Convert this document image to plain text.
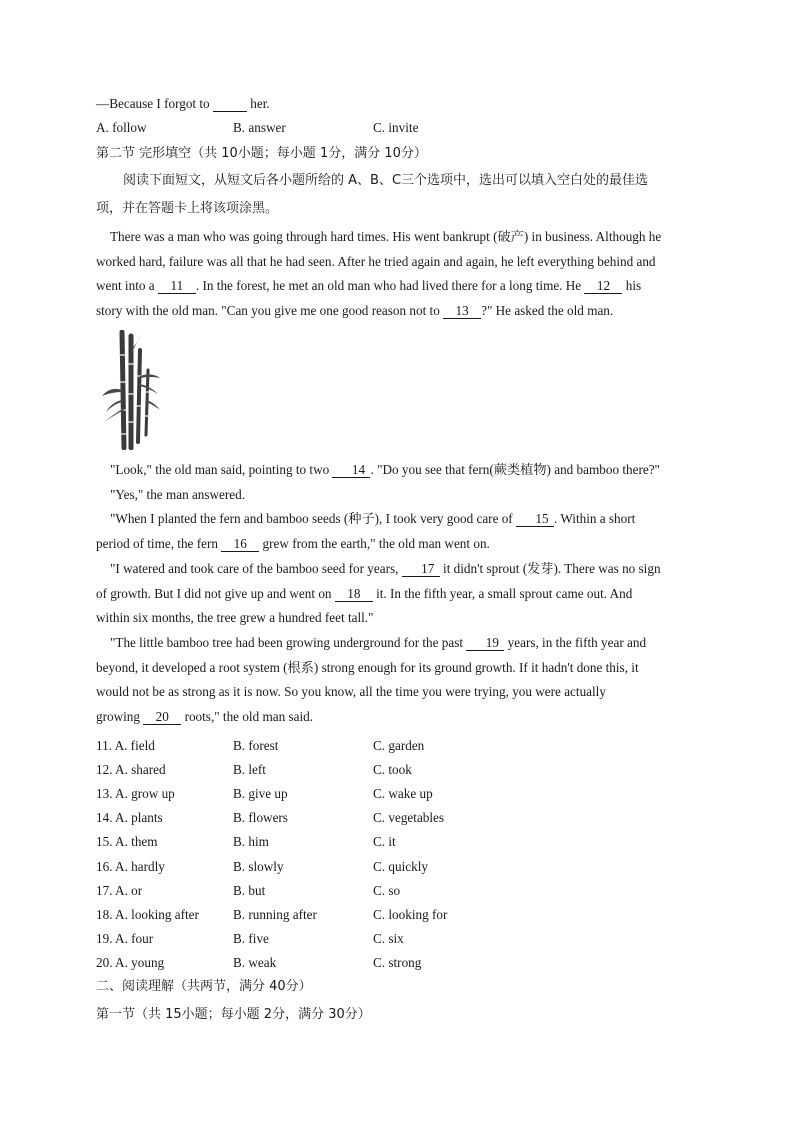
—Because I forgot to	her.
A. follow	B. answer	C. invite
第二节 完形填空（共 10小题；每小题 1分，满分 10分）
阅读下面短文，从短文后各小题所给的 A、B、C三个选项中，选出可以填入空白处的最佳选
项，并在答题卡上将该项涂黑。

There was a man who was going through hard times. His went bankrupt (破产) in business. Although he

worked hard, failure was all that he had seen. After he tried again and again, he left everything behind and

went into a 11 . In the forest, he met an old man who had lived there for a long time. He 12 his

story with the old man. "Can you give me one good reason not to 13 ?" He asked the old man.

"Look," the old man said, pointing to two 14 . "Do you see that fern(蕨类植物) and bamboo there?"

"Yes," the man answered.

"When I planted the fern and bamboo seeds (种子), I took very good care of 15 . Within a short

period of time, the fern 16 grew from the earth," the old man went on.

"I watered and took care of the bamboo seed for years, 17 it didn't sprout (发芽). There was no sign

of growth. But I did not give up and went on 18 it. In the fifth year, a small sprout came out. And

within six months, the tree grew a hundred feet tall."

"The little bamboo tree had been growing underground for the past 19 years, in the fifth year and

beyond, it developed a root system (根系) strong enough for its ground growth. If it hadn't done this, it

would not be as strong as it is now. So you know, all the time you were trying, you were actually

growing 20 roots," the old man said.

11. A. field	B. forest	C. garden
12. A. shared	B. left	C. took
13. A. grow up	B. give up	C. wake up
14. A. plants	B. flowers	C. vegetables
15. A. them	B. him	C. it
16. A. hardly	B. slowly	C. quickly
17. A. or	B. but	C. so
18. A. looking after	B. running after	C. looking for
19. A. four	B. five	C. six
20. A. young	B. weak	C. strong
二、阅读理解（共两节，满分 40分）
第一节（共 15小题；每小题 2分，满分 30分）
